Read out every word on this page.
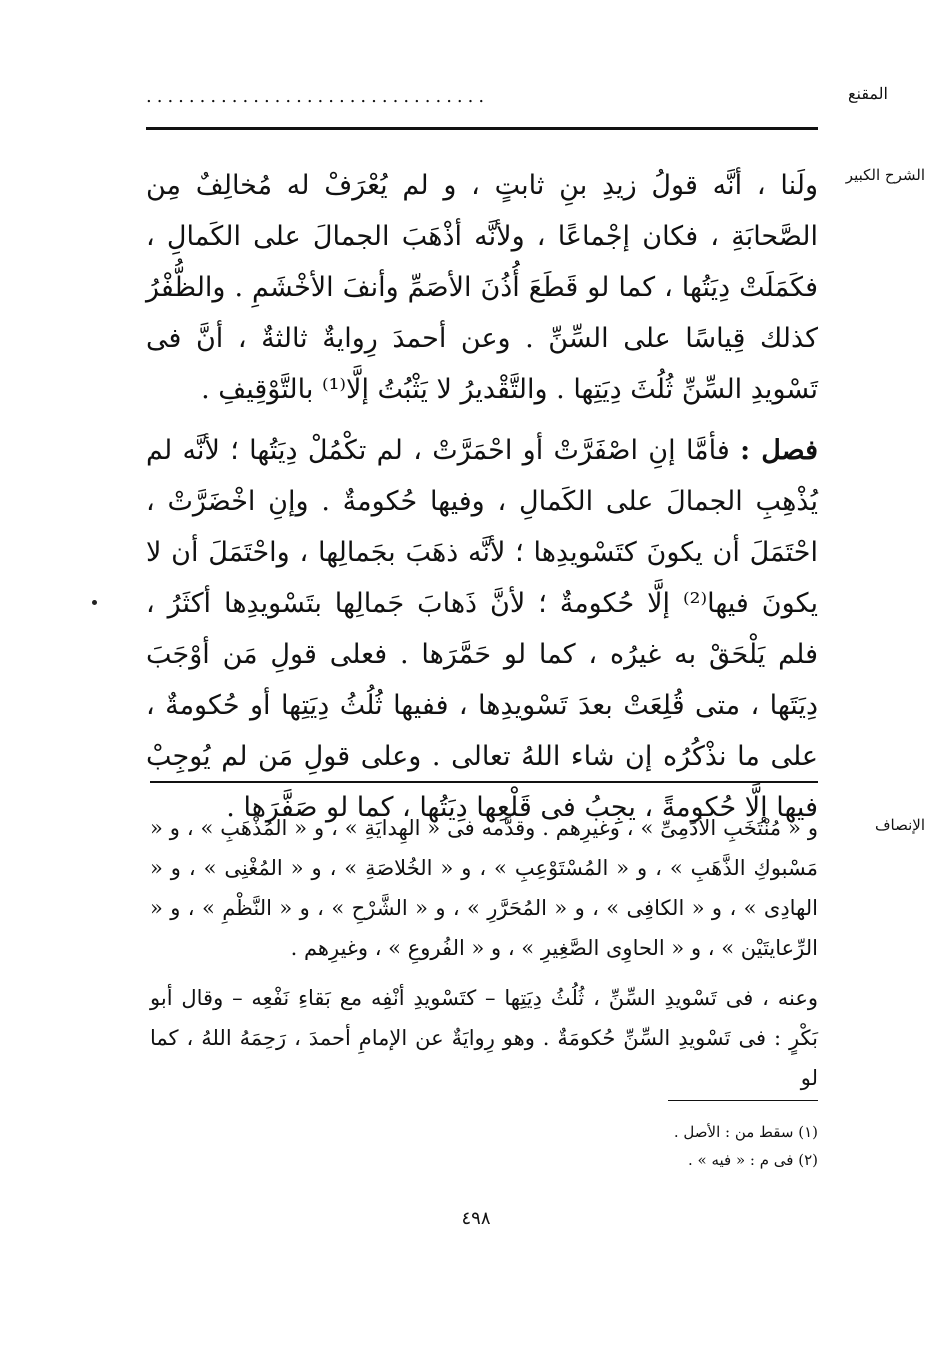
المقنع
................................
الشرح الكبير

ولَنا ، أنَّه قولُ زيدِ بنِ ثابتٍ ، و لم يُعْرَفْ له مُخالِفٌ مِن الصَّحابَةِ ، فكان إجْماعًا ، ولأنَّه أذْهَبَ الجمالَ على الكَمالِ ، فكَمَلَتْ دِيَتُها ، كما لو قَطَعَ أُذُنَ الأصَمِّ وأنفَ الأخْشَمِ . والظُّفْرُ كذلك قِياسًا على السِّنِّ . وعن أحمدَ رِوايةٌ ثالثةٌ ، أنَّ فى تَسْويدِ السِّنِّ ثُلُثَ دِيَتِها . والتَّقْديرُ لا يَثْبُتُ إلَّا⁽¹⁾ بالتَّوْقِيفِ .

فصل : فأمَّا إنِ اصْفَرَّتْ أو احْمَرَّتْ ، لم تكْمُلْ دِيَتُها ؛ لأنَّه لم يُذْهِبِ الجمالَ على الكَمالِ ، وفيها حُكومةٌ . وإنِ اخْضَرَّتْ ، احْتَمَلَ أن يكونَ كتَسْويدِها ؛ لأنَّه ذهَبَ بجَمالِها ، واحْتَمَلَ أن لا يكونَ فيها⁽²⁾ إلَّا حُكومةٌ ؛ لأنَّ ذَهابَ جَمالِها بتَسْويدِها أكثَرُ ، فلم يَلْحَقْ به غيرُه ، كما لو حَمَّرَها . فعلى قولِ مَن أوْجَبَ دِيَتَها ، متى قُلِعَتْ بعدَ تَسْويدِها ، ففيها ثُلُثُ دِيَتِها أو حُكومةٌ ، على ما نذْكُرُه إن شاء اللهُ تعالى . وعلى قولِ مَن لم يُوجِبْ فيها إلَّا حُكومةً ، يجِبُ فى قَلْعِها دِيَتُها ، كما لو صَفَّرَها .

الإنصاف

و « مُنْتَخَبِ الأدَمِىِّ » ، وغيرِهم . وقدَّمه فى « الهِدايَةِ » ، و « المُذْهَبِ » ، و « مَسْبوكِ الذَّهَبِ » ، و « المُسْتَوْعِبِ » ، و « الخُلاصَةِ » ، و « المُغْنِى » ، و « الهادِى » ، و « الكافِى » ، و « المُحَرَّرِ » ، و « الشَّرْحِ » ، و « النَّظْمِ » ، و « الرِّعايتَيْن » ، و « الحاوِى الصَّغِيرِ » ، و « الفُروعِ » ، وغيرِهم .

وعنه ، فى تَسْويدِ السِّنِّ ، ثُلُثُ دِيَتِها – كتَسْويدِ أنْفِه مع بَقاءِ نَفْعِه – وقال أبو بَكْرٍ : فى تَسْويدِ السِّنِّ حُكومَةٌ . وهو رِوايَةٌ عن الإمامِ أحمدَ ، رَحِمَهُ اللهُ ، كما لو

(١) سقط من : الأصل .
(٢) فى م : « فيه » .
٤٩٨
